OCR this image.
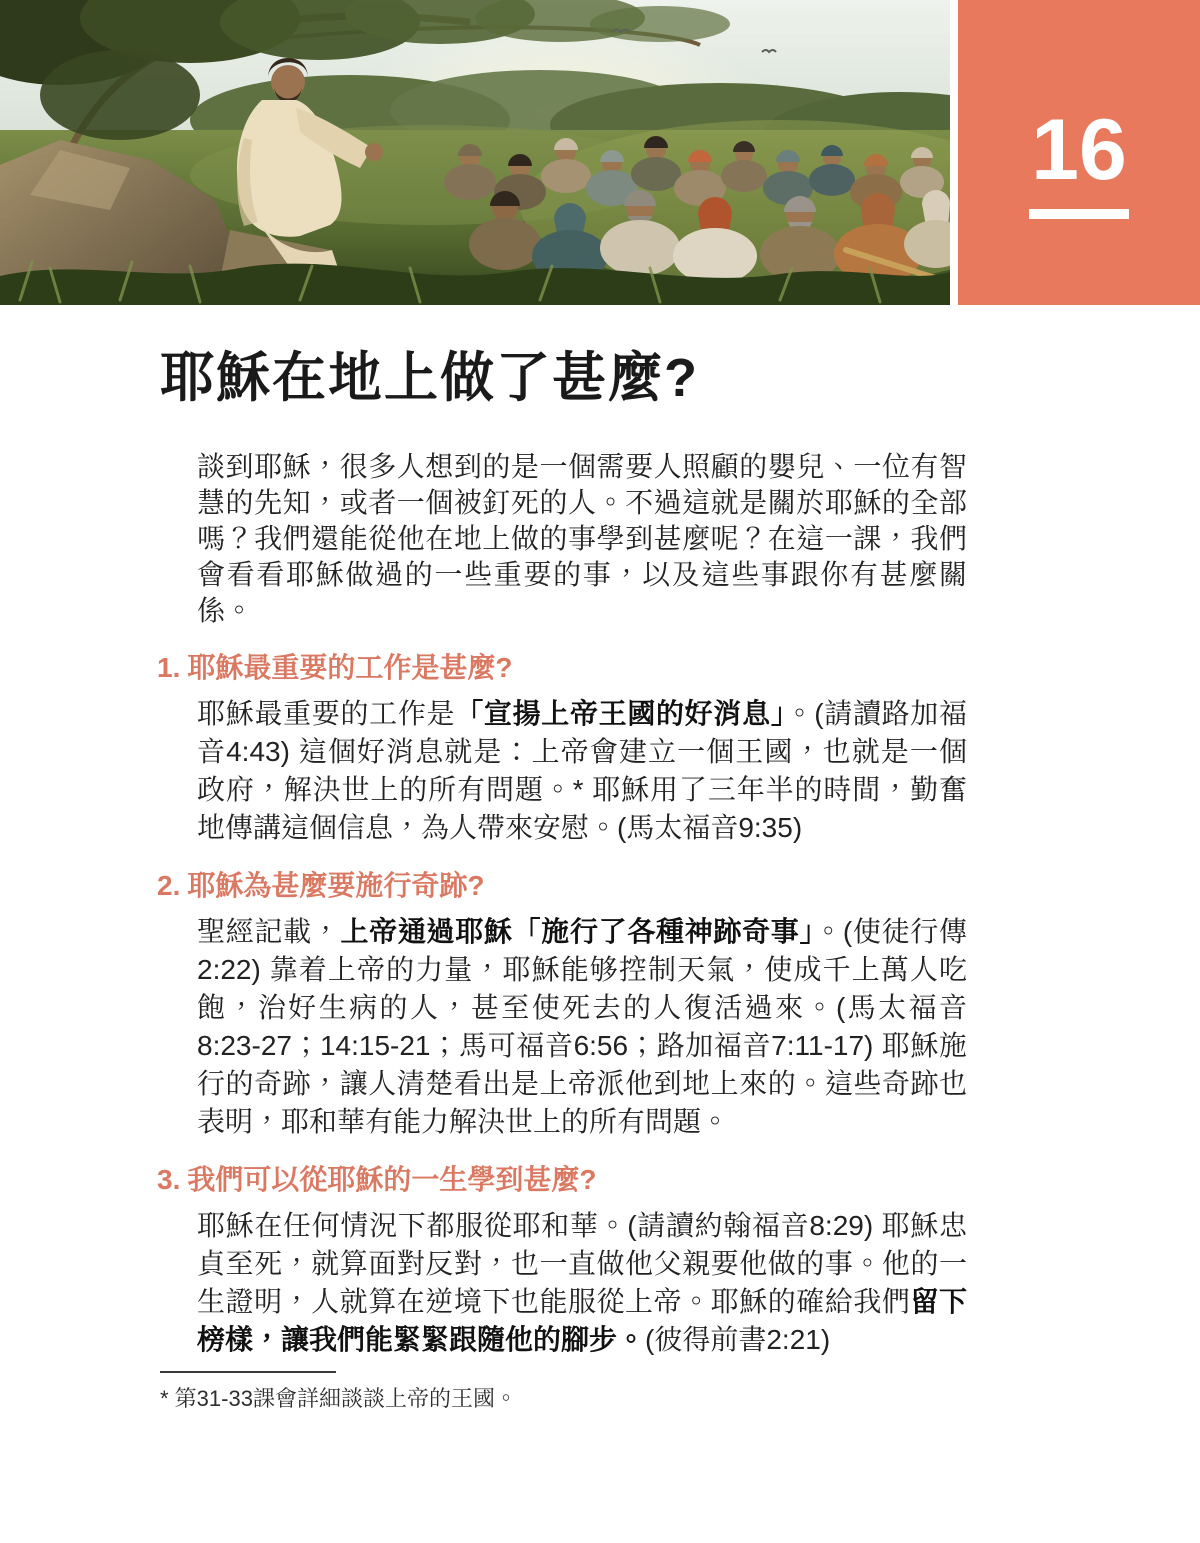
16
耶穌在地上做了甚麼?

談到耶穌，很多人想到的是一個需要人照顧的嬰兒、一位有智慧的先知，或者一個被釘死的人。不過這就是關於耶穌的全部嗎？我們還能從他在地上做的事學到甚麼呢？在這一課，我們會看看耶穌做過的一些重要的事，以及這些事跟你有甚麼關係。

1. 耶穌最重要的工作是甚麼?

耶穌最重要的工作是「宣揚上帝王國的好消息」。(請讀路加福音4:43) 這個好消息就是：上帝會建立一個王國，也就是一個政府，解決世上的所有問題。* 耶穌用了三年半的時間，勤奮地傳講這個信息，為人帶來安慰。(馬太福音9:35)

2. 耶穌為甚麼要施行奇跡?

聖經記載，上帝通過耶穌「施行了各種神跡奇事」。(使徒行傳2:22) 靠着上帝的力量，耶穌能够控制天氣，使成千上萬人吃飽，治好生病的人，甚至使死去的人復活過來。(馬太福音8:23-27；14:15-21；馬可福音6:56；路加福音7:11-17) 耶穌施行的奇跡，讓人清楚看出是上帝派他到地上來的。這些奇跡也表明，耶和華有能力解決世上的所有問題。

3. 我們可以從耶穌的一生學到甚麼?

耶穌在任何情況下都服從耶和華。(請讀約翰福音8:29) 耶穌忠貞至死，就算面對反對，也一直做他父親要他做的事。他的一生證明，人就算在逆境下也能服從上帝。耶穌的確給我們留下榜樣，讓我們能緊緊跟隨他的腳步。(彼得前書2:21)

* 第31-33課會詳細談談上帝的王國。
